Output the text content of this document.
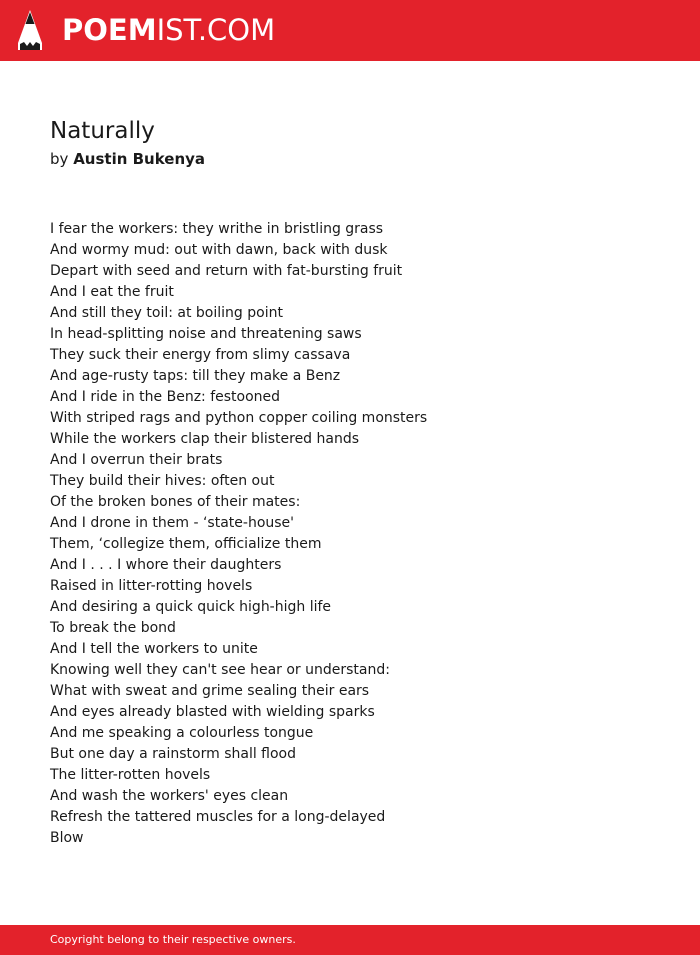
POEMIST.COM
Naturally
by Austin Bukenya
I fear the workers: they writhe in bristling grass
And wormy mud: out with dawn, back with dusk
Depart with seed and return with fat-bursting fruit
And I eat the fruit
And still they toil: at boiling point
In head-splitting noise and threatening saws
They suck their energy from slimy cassava
And age-rusty taps: till they make a Benz
And I ride in the Benz: festooned
With striped rags and python copper coiling monsters
While the workers clap their blistered hands
And I overrun their brats
They build their hives: often out
Of the broken bones of their mates:
And I drone in them - ‘state-house'
Them, ‘collegize them, officialize them
And I . . . I whore their daughters
Raised in litter-rotting hovels
And desiring a quick quick high-high life
To break the bond
And I tell the workers to unite
Knowing well they can't see hear or understand:
What with sweat and grime sealing their ears
And eyes already blasted with wielding sparks
And me speaking a colourless tongue
But one day a rainstorm shall flood
The litter-rotten hovels
And wash the workers' eyes clean
Refresh the tattered muscles for a long-delayed
Blow
Copyright belong to their respective owners.
